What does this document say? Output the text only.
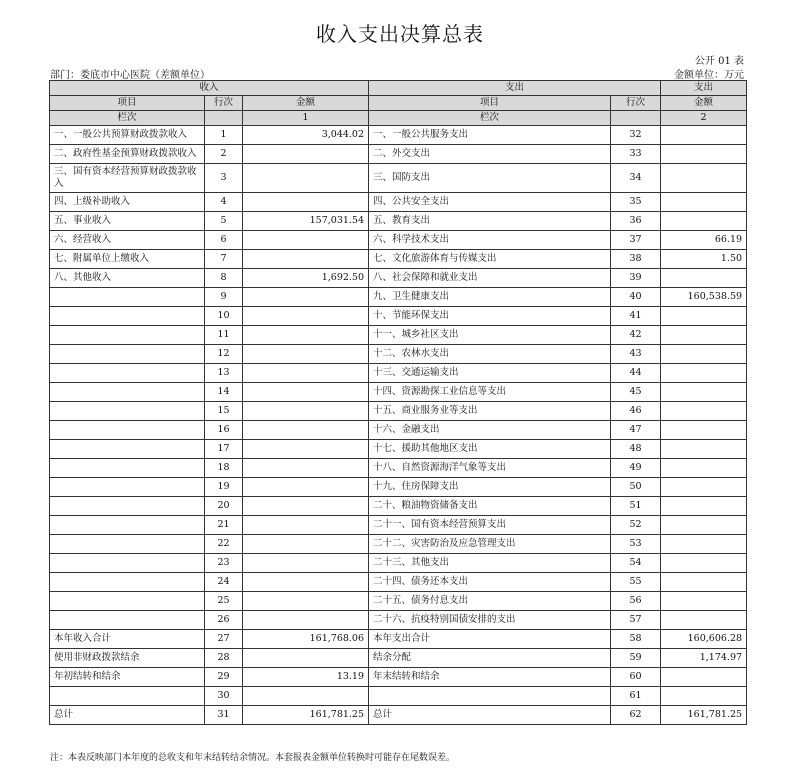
收入支出决算总表
公开 01 表
部门：娄底市中心医院（差额单位）	金额单位：万元
收入			支出		支出
项目	行次	金额	项目	行次	金额
栏次		1	栏次		2
一、一般公共预算财政拨款收入	1	3,044.02	一、一般公共服务支出	32	
二、政府性基金预算财政拨款收入	2		二、外交支出	33	
三、国有资本经营预算财政拨款收入	3		三、国防支出	34	
四、上级补助收入	4		四、公共安全支出	35	
五、事业收入	5	157,031.54	五、教育支出	36	
六、经营收入	6		六、科学技术支出	37	66.19
七、附属单位上缴收入	7		七、文化旅游体育与传媒支出	38	1.50
八、其他收入	8	1,692.50	八、社会保障和就业支出	39	
	9		九、卫生健康支出	40	160,538.59
	10		十、节能环保支出	41	
	11		十一、城乡社区支出	42	
	12		十二、农林水支出	43	
	13		十三、交通运输支出	44	
	14		十四、资源勘探工业信息等支出	45	
	15		十五、商业服务业等支出	46	
	16		十六、金融支出	47	
	17		十七、援助其他地区支出	48	
	18		十八、自然资源海洋气象等支出	49	
	19		十九、住房保障支出	50	
	20		二十、粮油物资储备支出	51	
	21		二十一、国有资本经营预算支出	52	
	22		二十二、灾害防治及应急管理支出	53	
	23		二十三、其他支出	54	
	24		二十四、债务还本支出	55	
	25		二十五、债务付息支出	56	
	26		二十六、抗疫特别国债安排的支出	57	
本年收入合计	27	161,768.06	本年支出合计	58	160,606.28
使用非财政拨款结余	28		结余分配	59	1,174.97
年初结转和结余	29	13.19	年末结转和结余	60	
	30			61	
总计	31	161,781.25	总计	62	161,781.25
注：本表反映部门本年度的总收支和年末结转结余情况。本套报表金额单位转换时可能存在尾数误差。
